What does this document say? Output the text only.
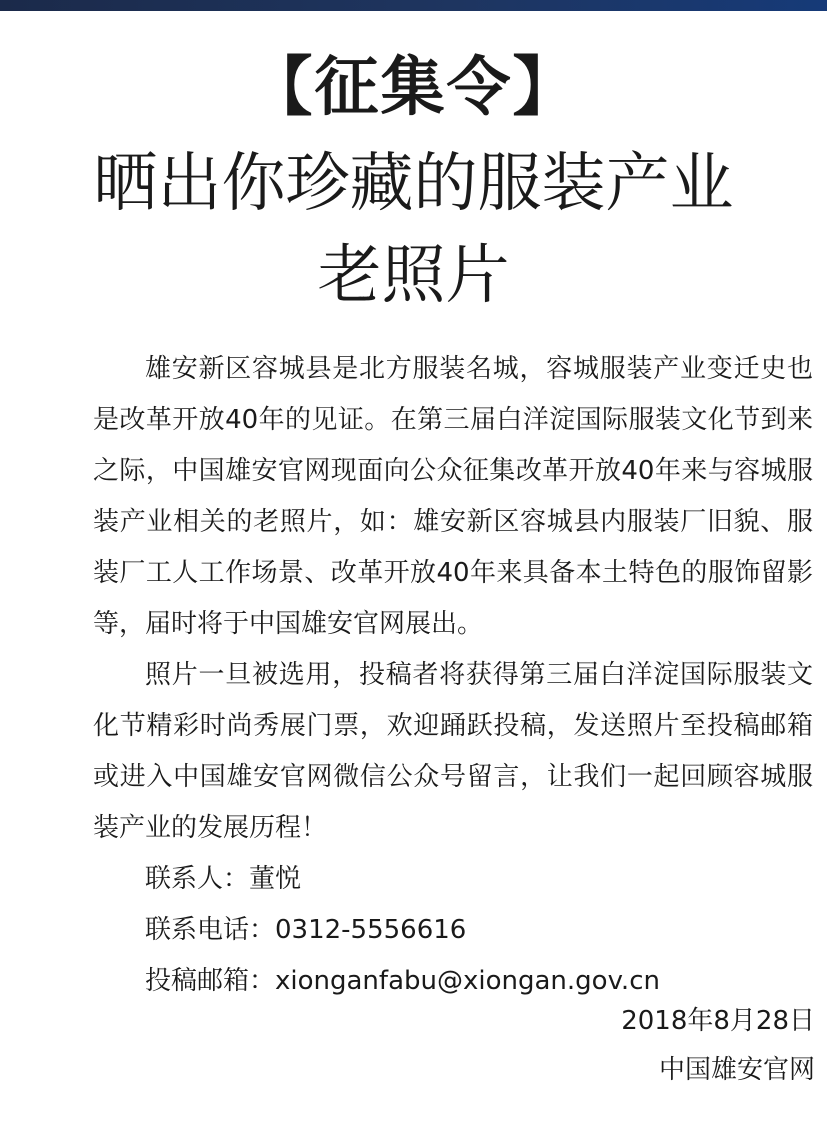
【征集令】
晒出你珍藏的服装产业
老照片

雄安新区容城县是北方服装名城，容城服装产业变迁史也是改革开放40年的见证。在第三届白洋淀国际服装文化节到来之际，中国雄安官网现面向公众征集改革开放40年来与容城服装产业相关的老照片，如：雄安新区容城县内服装厂旧貌、服装厂工人工作场景、改革开放40年来具备本土特色的服饰留影等，届时将于中国雄安官网展出。

照片一旦被选用，投稿者将获得第三届白洋淀国际服装文化节精彩时尚秀展门票，欢迎踊跃投稿，发送照片至投稿邮箱或进入中国雄安官网微信公众号留言，让我们一起回顾容城服装产业的发展历程！

联系人：董悦

联系电话：0312-5556616

投稿邮箱：xionganfabu@xiongan.gov.cn

2018年8月28日
中国雄安官网
